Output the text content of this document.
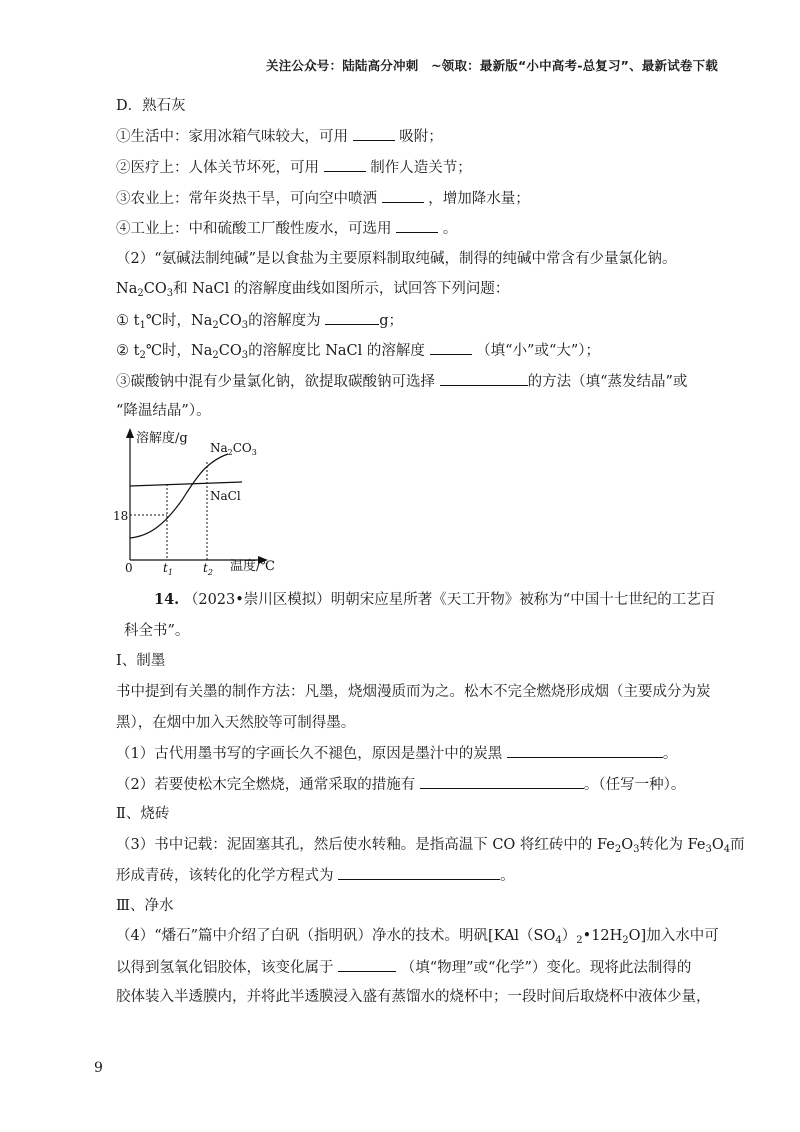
关注公众号：陆陆高分冲刺　~领取：最新版“小中高考-总复习”、最新试卷下载
D．熟石灰
①生活中：家用冰箱气味较大，可用	吸附；
②医疗上：人体关节坏死，可用	制作人造关节；
③农业上：常年炎热干旱，可向空中喷洒	，增加降水量；
④工业上：中和硫酸工厂酸性废水，可选用	。
（2）“氨碱法制纯碱”是以食盐为主要原料制取纯碱，制得的纯碱中常含有少量氯化钠。
$Na_2CO_3$和 NaCl 的溶解度曲线如图所示，试回答下列问题：
① $t_1℃$时，$Na_2CO_3$的溶解度为	g；
② $t_2℃$时，$Na_2CO_3$的溶解度比 NaCl 的溶解度	（填“小”或“大”）；
③碳酸钠中混有少量氯化钠，欲提取碳酸钠可选择	的方法（填“蒸发结晶”或
“降温结晶”）。
溶解度/g
温度/℃
0
18
$t_1$	$t_2$
$Na_2CO_3$
NaCl
14. （2023•崇川区模拟）明朝宋应星所著《天工开物》被称为“中国十七世纪的工艺百
科全书”。
Ⅰ、制墨
书中提到有关墨的制作方法：凡墨，烧烟漫质而为之。松木不完全燃烧形成烟（主要成分为炭
黑），在烟中加入天然胶等可制得墨。
（1）古代用墨书写的字画长久不褪色，原因是墨汁中的炭黑	。
（2）若要使松木完全燃烧，通常采取的措施有	。（任写一种）。
Ⅱ、烧砖
（3）书中记载：泥固塞其孔，然后使水转釉。是指高温下 CO 将红砖中的 $Fe_2O_3$转化为 $Fe_3O_4$而
形成青砖，该转化的化学方程式为	。
Ⅲ、净水
（4）“燔石”篇中介绍了白矾（指明矾）净水的技术。明矾$[KAl(SO_4)_2•12H_2O]$加入水中可
以得到氢氧化铝胶体，该变化属于	（填“物理”或“化学”）变化。现将此法制得的
胶体装入半透膜内，并将此半透膜浸入盛有蒸馏水的烧杯中；一段时间后取烧杯中液体少量，
9
